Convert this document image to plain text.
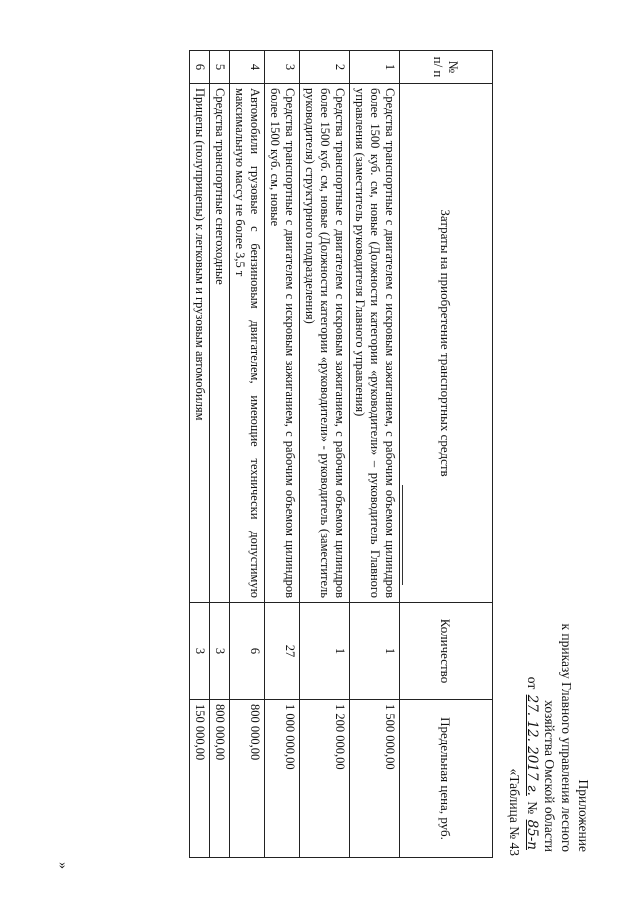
Приложение
к приказу Главного управления лесного
хозяйства Омской области
от 27. 12. 2017 г. № 85-п
«Таблица № 43
№ п/ п	Затраты на приобретение транспортных средств	Количество	Предельная цена, руб.
1	Средства транспортные с двигателем с искровым зажиганием, с рабочим объемом цилиндров более 1500 куб. см, новые (Должности категории «руководители» – руководитель Главного управления (заместитель руководителя Главного управления)	1	1 500 000,00
2	Средства транспортные с двигателем с искровым зажиганием, с рабочим объемом цилиндров более 1500 куб. см, новые (Должности категории «руководители» - руководитель (заместитель руководителя) структурного подразделения)	1	1 200 000,00
3	Средства транспортные с двигателем с искровым зажиганием, с рабочим объемом цилиндров более 1500 куб. см, новые	27	1 000 000,00
4	Автомобили грузовые с бензиновым двигателем, имеющие технически допустимую максимальную массу не более 3,5 т	6	800 000,00
5	Средства транспортные снегоходные	3	800 000,00
6	Прицепы (полуприцепы) к легковым и грузовым автомобилям	3	150 000,00
»
